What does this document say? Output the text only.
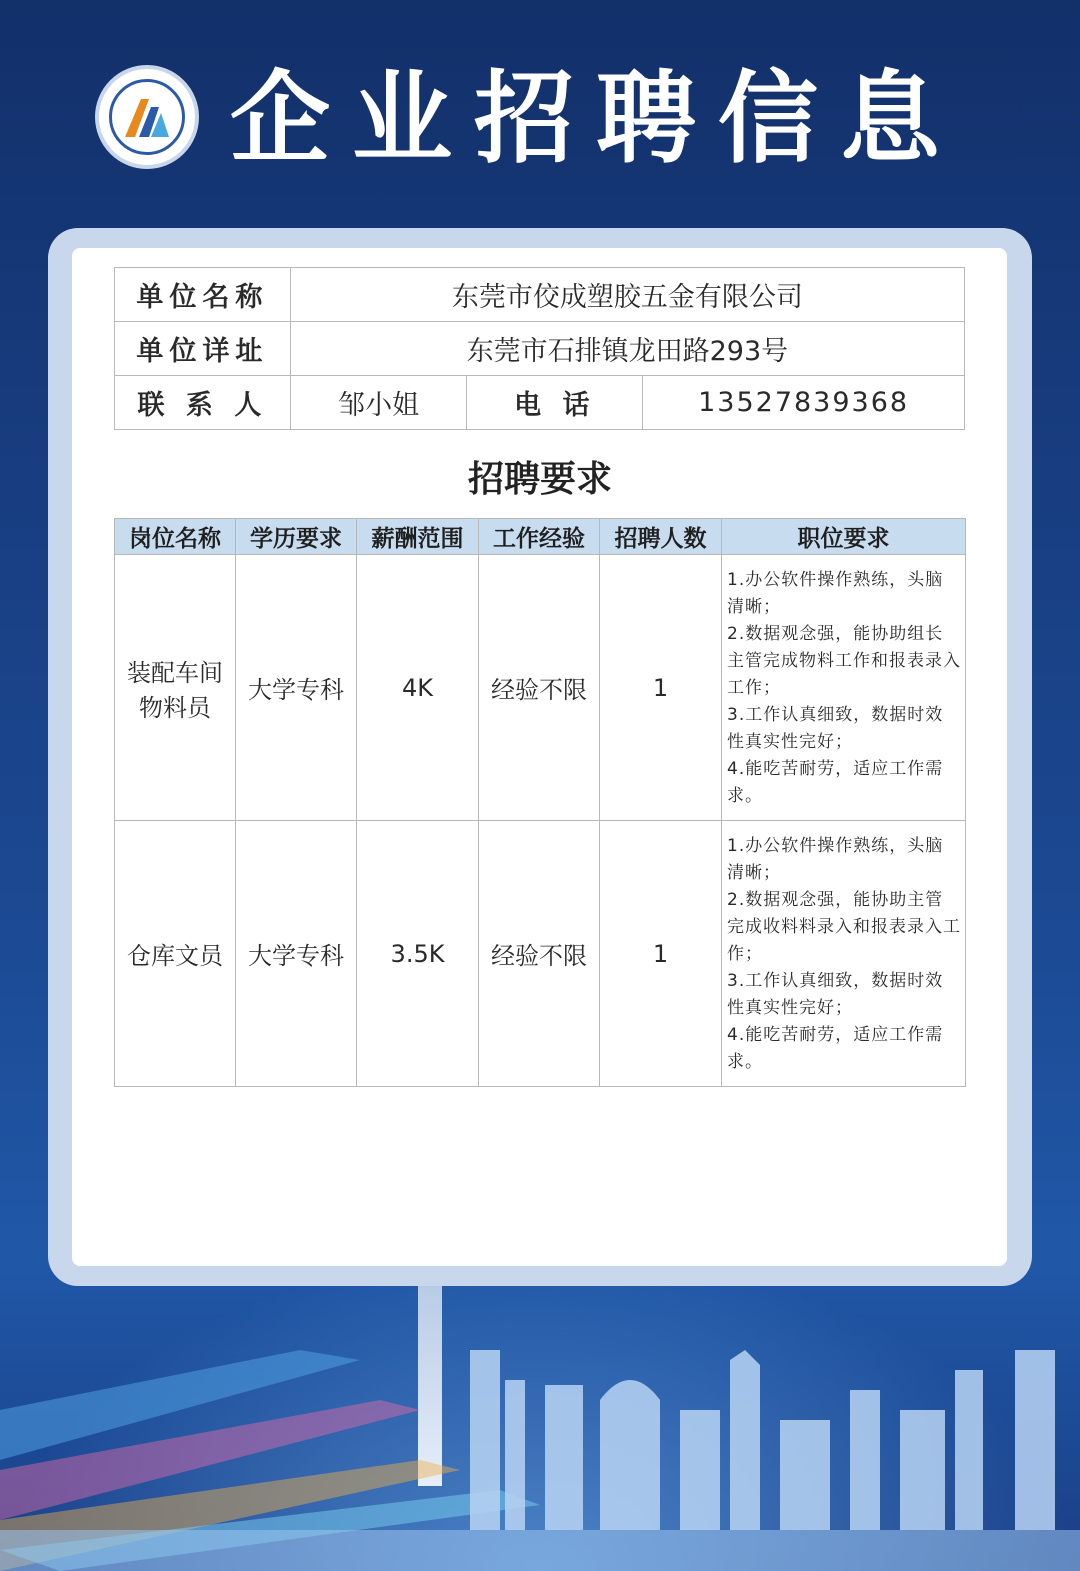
企业招聘信息
单位名称	东莞市佼成塑胶五金有限公司		
单位详址	东莞市石排镇龙田路293号		
联 系 人	邹小姐	电 话	13527839368
招聘要求
岗位名称	学历要求	薪酬范围	工作经验	招聘人数	职位要求

装配车间
物料员	大学专科	4K	经验不限	1	1.办公软件操作熟练，头脑清晰；
2.数据观念强，能协助组长主管完成物料工作和报表录入工作；
3.工作认真细致，数据时效性真实性完好；
4.能吃苦耐劳，适应工作需求。

仓库文员	大学专科	3.5K	经验不限	1	1.办公软件操作熟练，头脑清晰；
2.数据观念强，能协助主管完成收料料录入和报表录入工作；
3.工作认真细致，数据时效性真实性完好；
4.能吃苦耐劳，适应工作需求。
